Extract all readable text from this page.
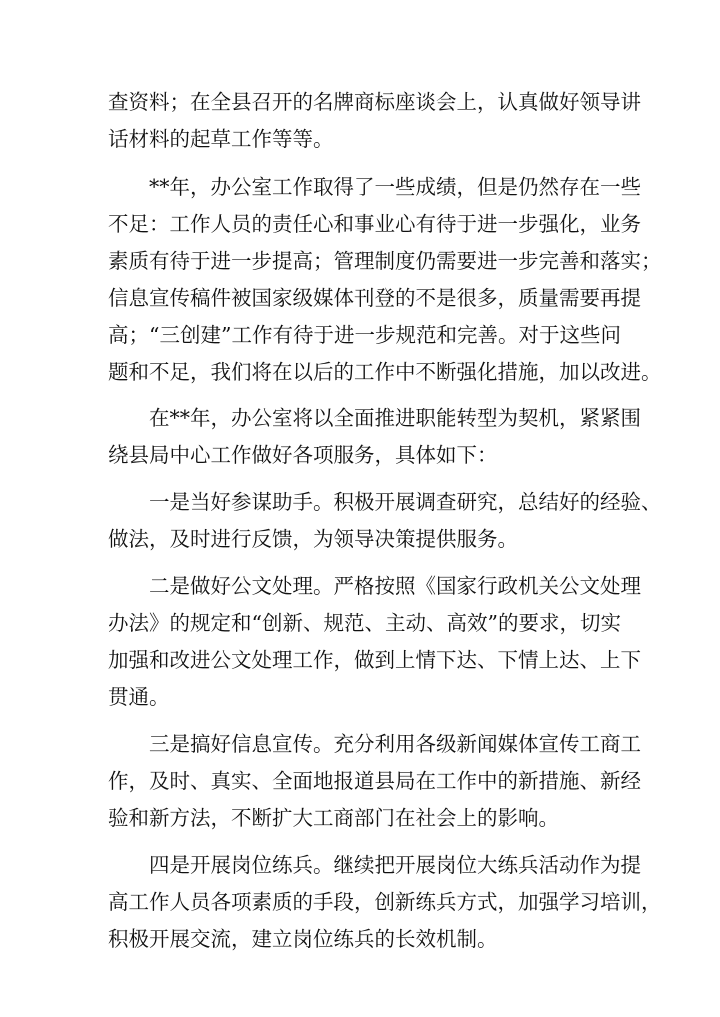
查资料；在全县召开的名牌商标座谈会上，认真做好领导讲
话材料的起草工作等等。
**年，办公室工作取得了一些成绩，但是仍然存在一些
不足：工作人员的责任心和事业心有待于进一步强化，业务
素质有待于进一步提高；管理制度仍需要进一步完善和落实；
信息宣传稿件被国家级媒体刊登的不是很多，质量需要再提
高；“三创建”工作有待于进一步规范和完善。对于这些问
题和不足，我们将在以后的工作中不断强化措施，加以改进。
在**年，办公室将以全面推进职能转型为契机，紧紧围
绕县局中心工作做好各项服务，具体如下：
一是当好参谋助手。积极开展调查研究，总结好的经验、
做法，及时进行反馈，为领导决策提供服务。
二是做好公文处理。严格按照《国家行政机关公文处理
办法》的规定和“创新、规范、主动、高效”的要求，切实
加强和改进公文处理工作，做到上情下达、下情上达、上下
贯通。
三是搞好信息宣传。充分利用各级新闻媒体宣传工商工
作，及时、真实、全面地报道县局在工作中的新措施、新经
验和新方法，不断扩大工商部门在社会上的影响。
四是开展岗位练兵。继续把开展岗位大练兵活动作为提
高工作人员各项素质的手段，创新练兵方式，加强学习培训，
积极开展交流，建立岗位练兵的长效机制。
